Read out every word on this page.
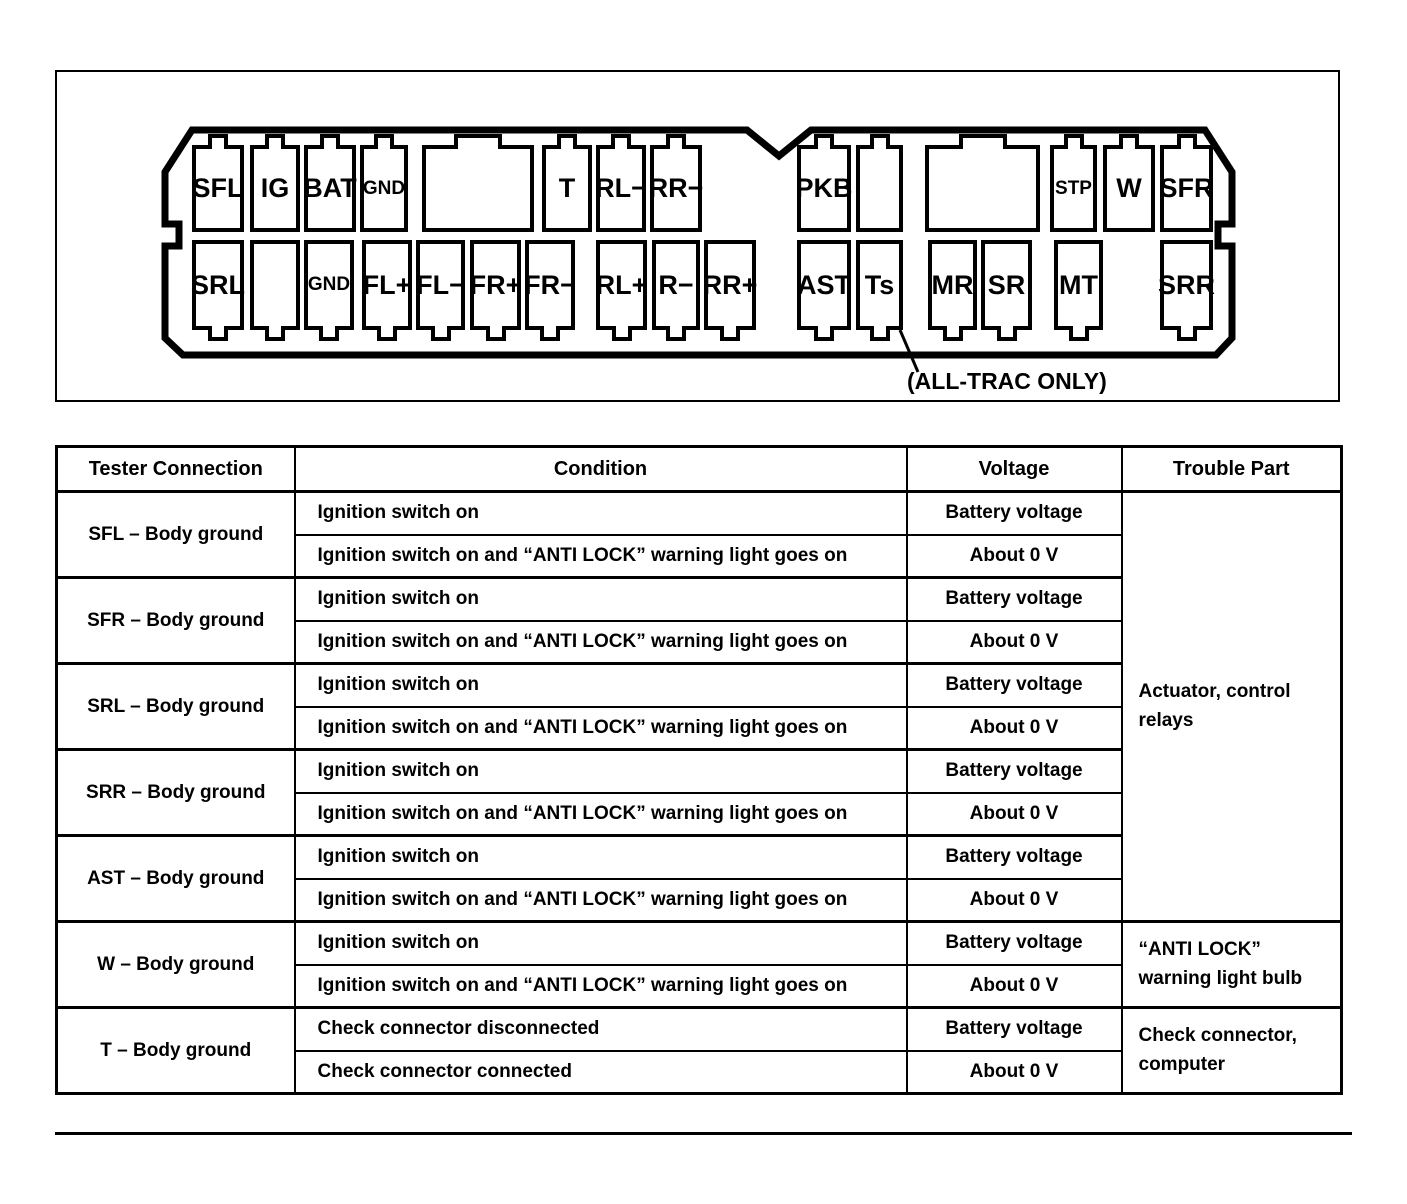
SFL IG BAT GND	T RL− RR−	PKB	STP W SFR
SRL	GND FL+ FL− FR+ FR− RL+ R− RR+ AST Ts MR SR MT SRR
(ALL-TRAC ONLY)
Tester Connection	Condition	Voltage	Trouble Part
SFL – Body ground	Ignition switch on	Battery voltage	Actuator, control relays
	Ignition switch on and “ANTI LOCK” warning light goes on	About 0 V	
SFR – Body ground	Ignition switch on	Battery voltage	
	Ignition switch on and “ANTI LOCK” warning light goes on	About 0 V	
SRL – Body ground	Ignition switch on	Battery voltage	
	Ignition switch on and “ANTI LOCK” warning light goes on	About 0 V	
SRR – Body ground	Ignition switch on	Battery voltage	
	Ignition switch on and “ANTI LOCK” warning light goes on	About 0 V	
AST – Body ground	Ignition switch on	Battery voltage	
	Ignition switch on and “ANTI LOCK” warning light goes on	About 0 V	
W – Body ground	Ignition switch on	Battery voltage	“ANTI LOCK” warning light bulb
	Ignition switch on and “ANTI LOCK” warning light goes on	About 0 V	
T – Body ground	Check connector disconnected	Battery voltage	Check connector, computer
	Check connector connected	About 0 V	
